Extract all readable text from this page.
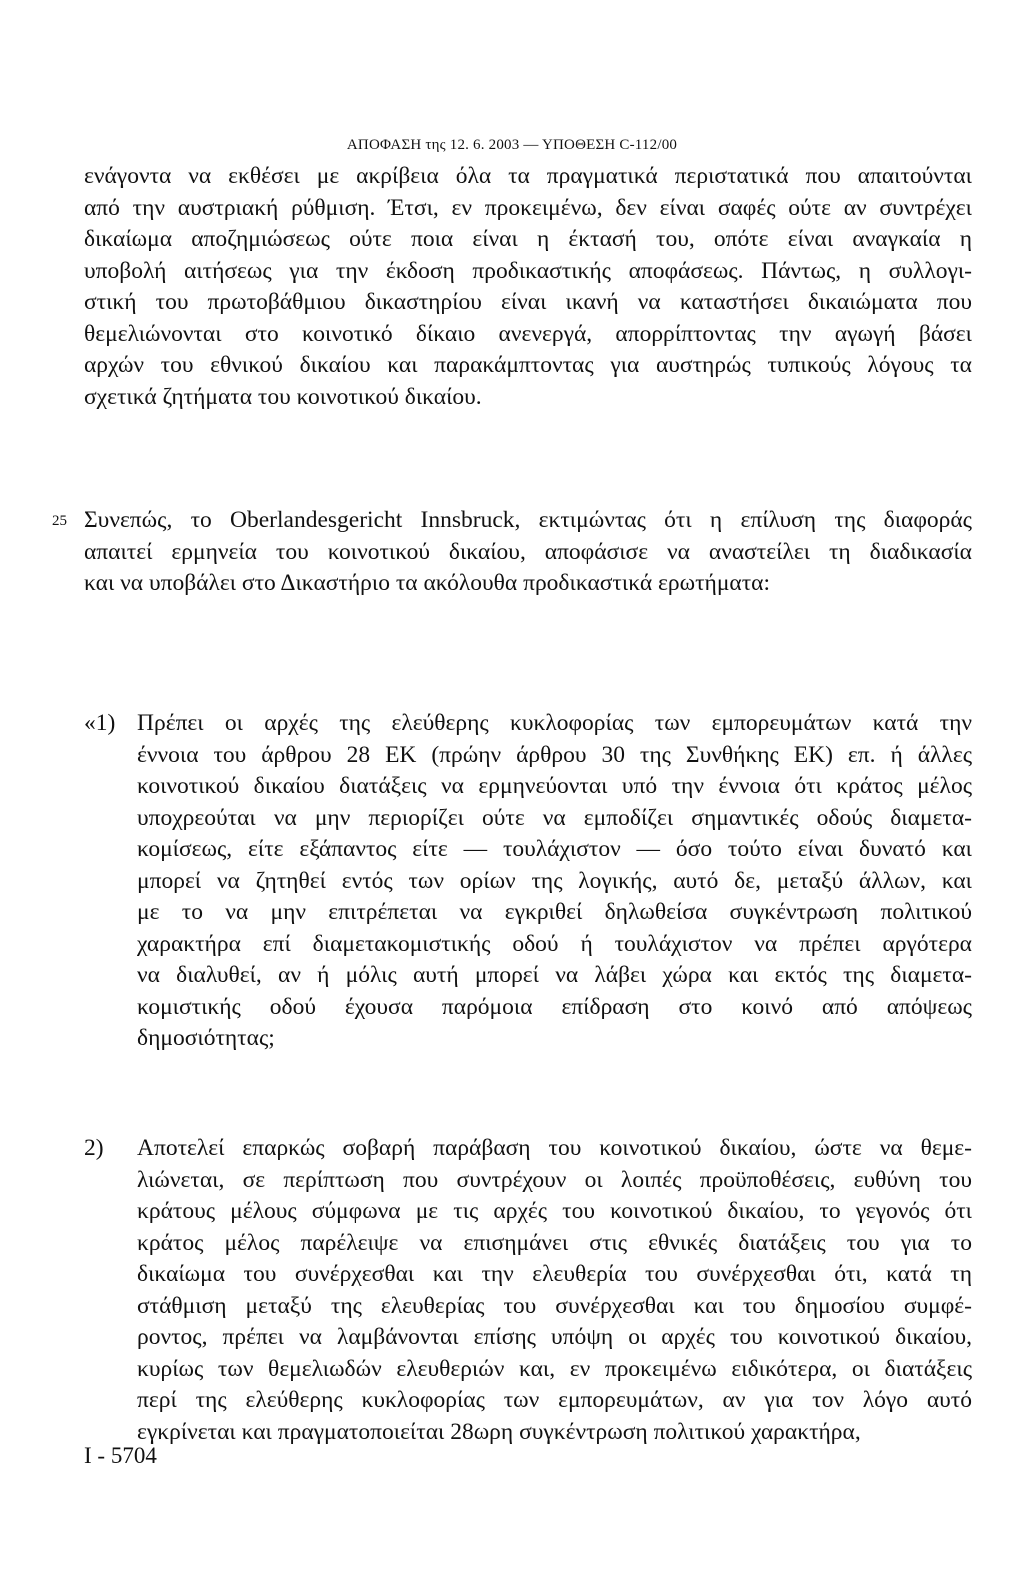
ΑΠΟΦΑΣΗ της 12. 6. 2003 — ΥΠΟΘΕΣΗ C-112/00

ενάγοντα να εκθέσει με ακρίβεια όλα τα πραγματικά περιστατικά που απαιτούνται
από την αυστριακή ρύθμιση. Έτσι, εν προκειμένω, δεν είναι σαφές ούτε αν συντρέχει
δικαίωμα αποζημιώσεως ούτε ποια είναι η έκτασή του, οπότε είναι αναγκαία η
υποβολή αιτήσεως για την έκδοση προδικαστικής αποφάσεως. Πάντως, η συλλογι-
στική του πρωτοβάθμιου δικαστηρίου είναι ικανή να καταστήσει δικαιώματα που
θεμελιώνονται στο κοινοτικό δίκαιο ανενεργά, απορρίπτοντας την αγωγή βάσει
αρχών του εθνικού δικαίου και παρακάμπτοντας για αυστηρώς τυπικούς λόγους τα
σχετικά ζητήματα του κοινοτικού δικαίου.

25 Συνεπώς, το Oberlandesgericht Innsbruck, εκτιμώντας ότι η επίλυση της διαφοράς
απαιτεί ερμηνεία του κοινοτικού δικαίου, αποφάσισε να αναστείλει τη διαδικασία
και να υποβάλει στο Δικαστήριο τα ακόλουθα προδικαστικά ερωτήματα:

«1) Πρέπει οι αρχές της ελεύθερης κυκλοφορίας των εμπορευμάτων κατά την
έννοια του άρθρου 28 ΕΚ (πρώην άρθρου 30 της Συνθήκης ΕΚ) επ. ή άλλες
κοινοτικού δικαίου διατάξεις να ερμηνεύονται υπό την έννοια ότι κράτος μέλος
υποχρεούται να μην περιορίζει ούτε να εμποδίζει σημαντικές οδούς διαμετα-
κομίσεως, είτε εξάπαντος είτε — τουλάχιστον — όσο τούτο είναι δυνατό και
μπορεί να ζητηθεί εντός των ορίων της λογικής, αυτό δε, μεταξύ άλλων, και
με το να μην επιτρέπεται να εγκριθεί δηλωθείσα συγκέντρωση πολιτικού
χαρακτήρα επί διαμετακομιστικής οδού ή τουλάχιστον να πρέπει αργότερα
να διαλυθεί, αν ή μόλις αυτή μπορεί να λάβει χώρα και εκτός της διαμετα-
κομιστικής οδού έχουσα παρόμοια επίδραση στο κοινό από απόψεως
δημοσιότητας;

2) Αποτελεί επαρκώς σοβαρή παράβαση του κοινοτικού δικαίου, ώστε να θεμε-
λιώνεται, σε περίπτωση που συντρέχουν οι λοιπές προϋποθέσεις, ευθύνη του
κράτους μέλους σύμφωνα με τις αρχές του κοινοτικού δικαίου, το γεγονός ότι
κράτος μέλος παρέλειψε να επισημάνει στις εθνικές διατάξεις του για το
δικαίωμα του συνέρχεσθαι και την ελευθερία του συνέρχεσθαι ότι, κατά τη
στάθμιση μεταξύ της ελευθερίας του συνέρχεσθαι και του δημοσίου συμφέ-
ροντος, πρέπει να λαμβάνονται επίσης υπόψη οι αρχές του κοινοτικού δικαίου,
κυρίως των θεμελιωδών ελευθεριών και, εν προκειμένω ειδικότερα, οι διατάξεις
περί της ελεύθερης κυκλοφορίας των εμπορευμάτων, αν για τον λόγο αυτό
εγκρίνεται και πραγματοποιείται 28ωρη συγκέντρωση πολιτικού χαρακτήρα,

I - 5704
